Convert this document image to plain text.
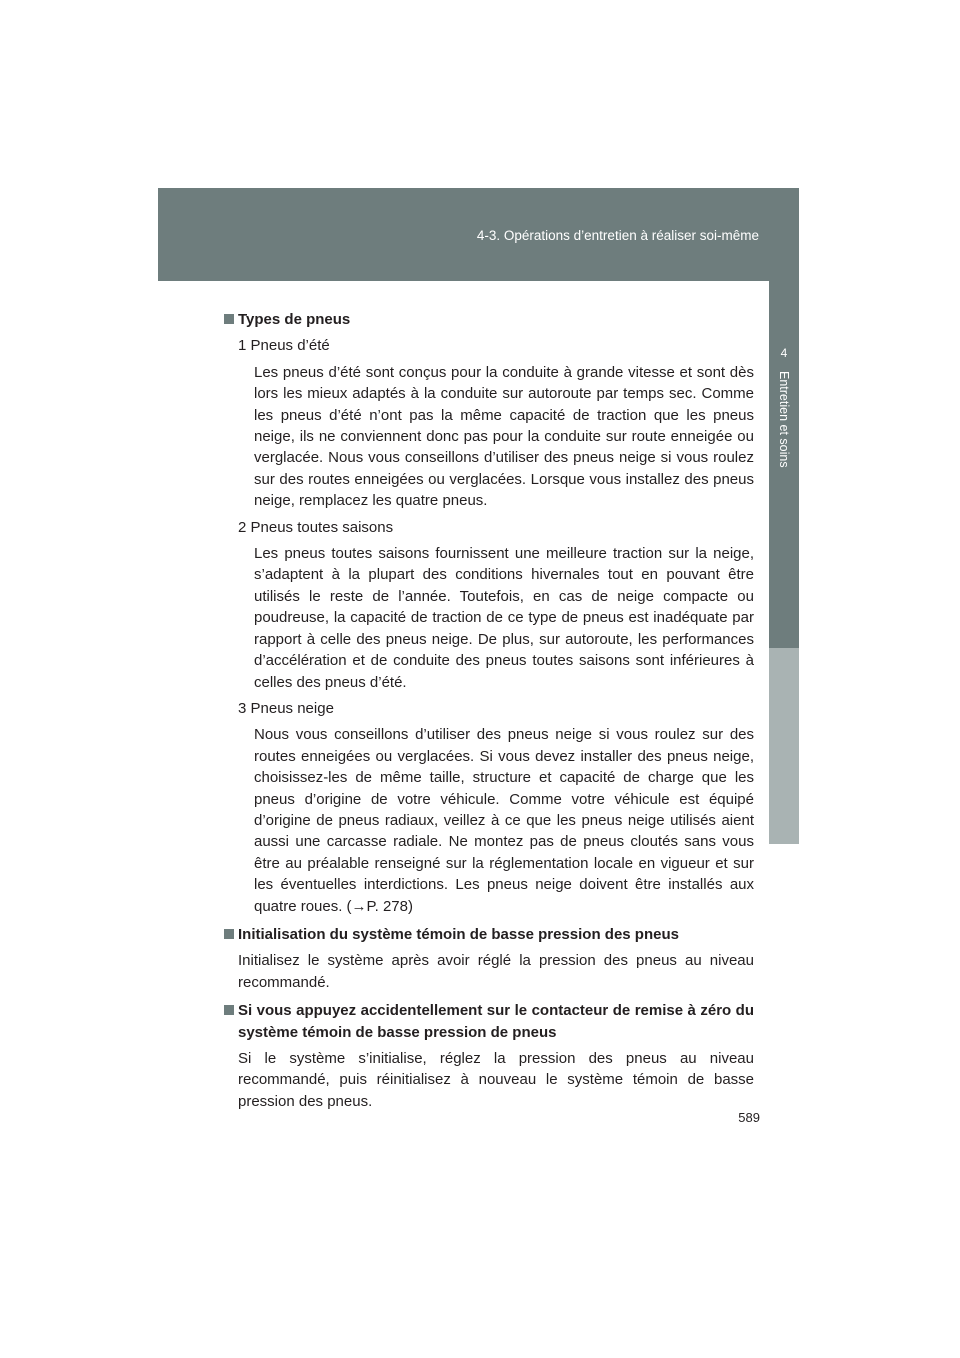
4-3. Opérations d’entretien à réaliser soi-même
4
Entretien et soins

Types de pneus

1 Pneus d’été

Les pneus d’été sont conçus pour la conduite à grande vitesse et sont dès lors les mieux adaptés à la conduite sur autoroute par temps sec. Comme les pneus d’été n’ont pas la même capacité de traction que les pneus neige, ils ne conviennent donc pas pour la conduite sur route enneigée ou verglacée. Nous vous conseillons d’utiliser des pneus neige si vous roulez sur des routes enneigées ou verglacées. Lorsque vous installez des pneus neige, remplacez les quatre pneus.

2 Pneus toutes saisons

Les pneus toutes saisons fournissent une meilleure traction sur la neige, s’adaptent à la plupart des conditions hivernales tout en pouvant être utilisés le reste de l’année. Toutefois, en cas de neige compacte ou poudreuse, la capacité de traction de ce type de pneus est inadéquate par rapport à celle des pneus neige. De plus, sur autoroute, les performances d’accélération et de conduite des pneus toutes saisons sont inférieures à celles des pneus d’été.

3 Pneus neige

Nous vous conseillons d’utiliser des pneus neige si vous roulez sur des routes enneigées ou verglacées. Si vous devez installer des pneus neige, choisissez-les de même taille, structure et capacité de charge que les pneus d’origine de votre véhicule. Comme votre véhicule est équipé d’origine de pneus radiaux, veillez à ce que les pneus neige utilisés aient aussi une carcasse radiale. Ne montez pas de pneus cloutés sans vous être au préalable renseigné sur la réglementation locale en vigueur et sur les éventuelles interdictions. Les pneus neige doivent être installés aux quatre roues. (→P. 278)

Initialisation du système témoin de basse pression des pneus

Initialisez le système après avoir réglé la pression des pneus au niveau recommandé.

Si vous appuyez accidentellement sur le contacteur de remise à zéro du système témoin de basse pression de pneus

Si le système s’initialise, réglez la pression des pneus au niveau recommandé, puis réinitialisez à nouveau le système témoin de basse pression des pneus.

589
